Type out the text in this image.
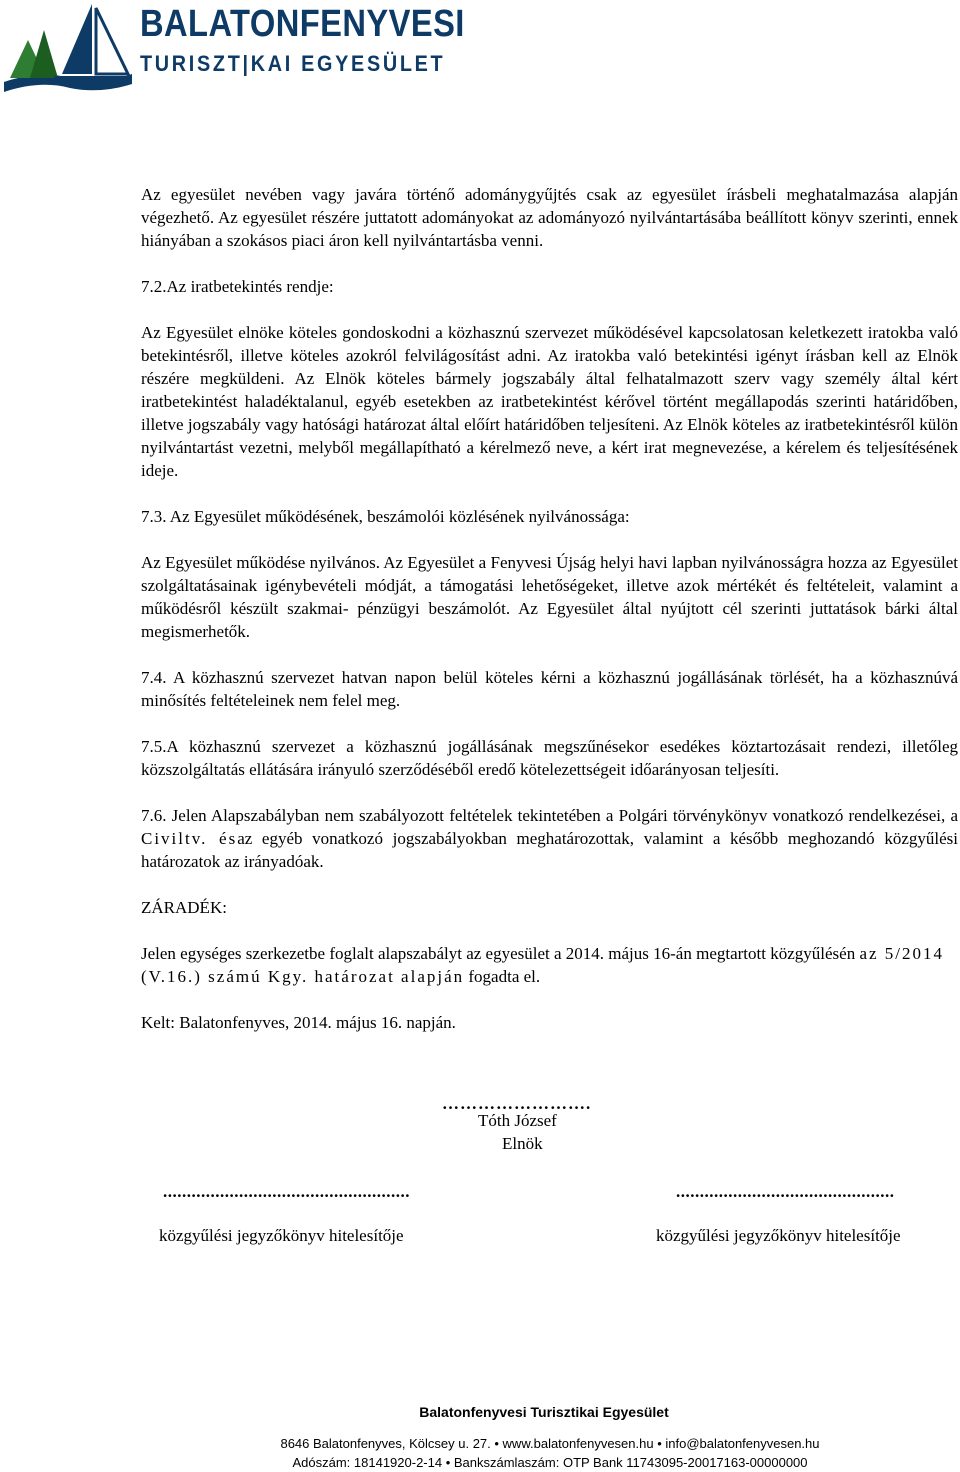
BALATONFENYVESI
TURISZT|KAI EGYESÜLET

Az egyesület nevében vagy javára történő adománygyűjtés csak az egyesület írásbeli meghatalmazása alapján végezhető. Az egyesület részére juttatott adományokat az adományozó nyilvántartásába beállított könyv szerinti, ennek hiányában a szokásos piaci áron kell nyilvántartásba venni.

7.2.Az iratbetekintés rendje:

Az Egyesület elnöke köteles gondoskodni a közhasznú szervezet működésével kapcsolatosan keletkezett iratokba való betekintésről, illetve köteles azokról felvilágosítást adni. Az iratokba való betekintési igényt írásban kell az Elnök részére megküldeni. Az Elnök köteles bármely jogszabály által felhatalmazott szerv vagy személy által kért iratbetekintést haladéktalanul, egyéb esetekben az iratbetekintést kérővel történt megállapodás szerinti határidőben, illetve jogszabály vagy hatósági határozat által előírt határidőben teljesíteni. Az Elnök köteles az iratbetekintésről külön nyilvántartást vezetni, melyből megállapítható a kérelmező neve, a kért irat megnevezése, a kérelem és teljesítésének ideje.

7.3. Az Egyesület működésének, beszámolói közlésének nyilvánossága:

Az Egyesület működése nyilvános. Az Egyesület a Fenyvesi Újság helyi havi lapban nyilvánosságra hozza az Egyesület szolgáltatásainak igénybevételi módját, a támogatási lehetőségeket, illetve azok mértékét és feltételeit, valamint a működésről készült szakmai- pénzügyi beszámolót. Az Egyesület által nyújtott cél szerinti juttatások bárki által megismerhetők.

7.4. A közhasznú szervezet hatvan napon belül köteles kérni a közhasznú jogállásának törlését, ha a közhasznúvá minősítés feltételeinek nem felel meg.

7.5.A közhasznú szervezet a közhasznú jogállásának megszűnésekor esedékes köztartozásait rendezi, illetőleg közszolgáltatás ellátására irányuló szerződéséből eredő kötelezettségeit időarányosan teljesíti.

7.6. Jelen Alapszabályban nem szabályozott feltételek tekintetében a Polgári törvénykönyv vonatkozó rendelkezései, a Civiltv. ésaz egyéb vonatkozó jogszabályokban meghatározottak, valamint a később meghozandó közgyűlési határozatok az irányadóak.

ZÁRADÉK:

Jelen egységes szerkezetbe foglalt alapszabályt az egyesület a 2014. május 16-án megtartott közgyűlésén az 5/2014 (V.16.) számú Kgy. határozat alapján fogadta el.

Kelt: Balatonfenyves, 2014. május 16. napján.

…………………….
Tóth József
Elnök
....................................................	..............................................
közgyűlési jegyzőkönyv hitelesítője	közgyűlési jegyzőkönyv hitelesítője
Balatonfenyvesi Turisztikai Egyesület
8646 Balatonfenyves, Kölcsey u. 27. • www.balatonfenyvesen.hu • info@balatonfenyvesen.hu
Adószám: 18141920-2-14 • Bankszámlaszám: OTP Bank 11743095-20017163-00000000
